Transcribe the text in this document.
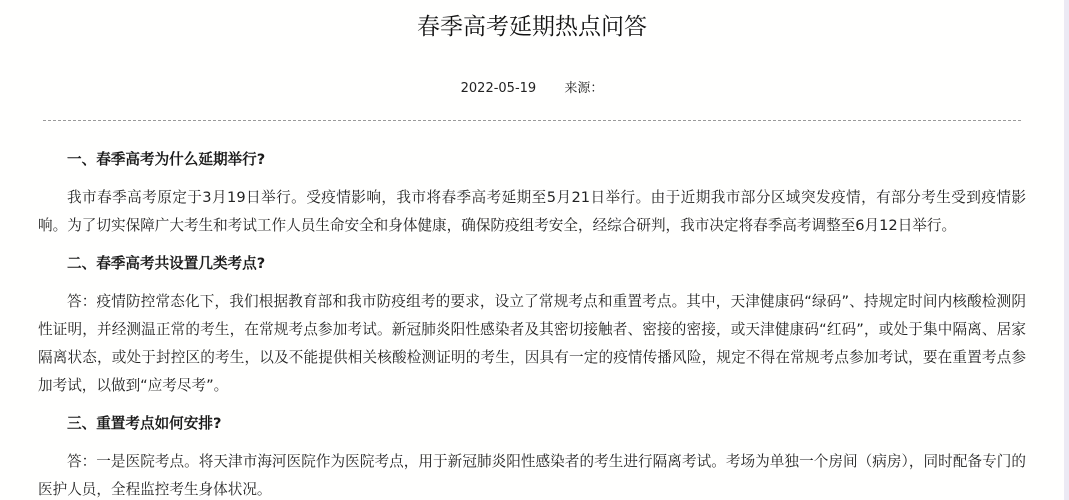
春季高考延期热点问答
2022-05-19 来源：

一、春季高考为什么延期举行?

我市春季高考原定于3月19日举行。受疫情影响，我市将春季高考延期至5月21日举行。由于近期我市部分区域突发疫情，有部分考生受到疫情影响。为了切实保障广大考生和考试工作人员生命安全和身体健康，确保防疫组考安全，经综合研判，我市决定将春季高考调整至6月12日举行。

二、春季高考共设置几类考点?

答：疫情防控常态化下，我们根据教育部和我市防疫组考的要求，设立了常规考点和重置考点。其中，天津健康码“绿码”、持规定时间内核酸检测阴性证明，并经测温正常的考生，在常规考点参加考试。新冠肺炎阳性感染者及其密切接触者、密接的密接，或天津健康码“红码”，或处于集中隔离、居家隔离状态，或处于封控区的考生，以及不能提供相关核酸检测证明的考生，因具有一定的疫情传播风险，规定不得在常规考点参加考试，要在重置考点参加考试，以做到“应考尽考”。

三、重置考点如何安排?

答：一是医院考点。将天津市海河医院作为医院考点，用于新冠肺炎阳性感染者的考生进行隔离考试。考场为单独一个房间（病房），同时配备专门的医护人员，全程监控考生身体状况。
